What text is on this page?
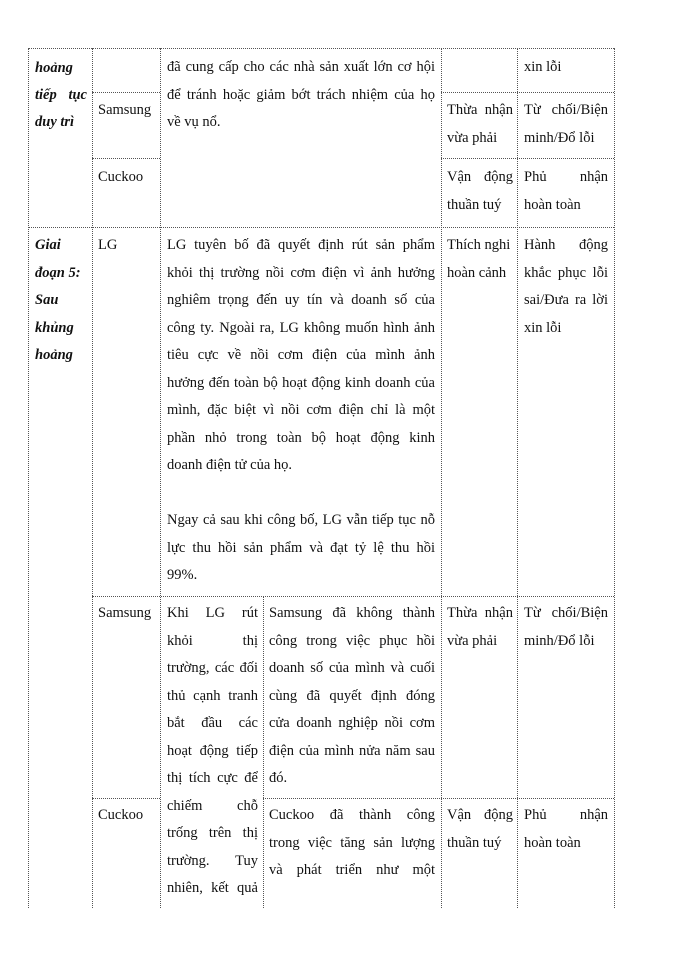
hoảng
tiếp tục
duy trì
Samsung
Cuckoo
đã cung cấp cho các nhà sản xuất lớn cơ hội
để tránh hoặc giảm bớt trách nhiệm của họ
về vụ nổ.
xin lỗi
Thừa nhận
vừa phải
Từ chối/Biện
minh/Đổ lỗi
Vận động
thuần tuý
Phủ nhận
hoàn toàn
Giai
đoạn 5:
Sau
khủng
hoảng
LG	LG tuyên bố đã quyết định rút sản phẩm
khỏi thị trường nồi cơm điện vì ảnh hưởng
nghiêm trọng đến uy tín và doanh số của
công ty. Ngoài ra, LG không muốn hình ảnh
tiêu cực về nồi cơm điện của mình ảnh
hưởng đến toàn bộ hoạt động kinh doanh của
mình, đặc biệt vì nồi cơm điện chỉ là một
phần nhỏ trong toàn bộ hoạt động kinh
doanh điện tử của họ.

Ngay cả sau khi công bố, LG vẫn tiếp tục nỗ
lực thu hồi sản phẩm và đạt tỷ lệ thu hồi
99%.
Thích nghi
hoàn cảnh
Hành động
khắc phục lỗi
sai/Đưa ra lời
xin lỗi
Samsung Khi LG rút
khỏi thị
trường, các đối
thủ cạnh tranh
bắt đầu các
hoạt động tiếp
thị tích cực để
chiếm chỗ
trống trên thị
trường. Tuy
nhiên, kết quả
Samsung đã không thành
công trong việc phục hồi
doanh số của mình và cuối
cùng đã quyết định đóng
cửa doanh nghiệp nồi cơm
điện của mình nửa năm sau
đó.
Thừa nhận
vừa phải
Từ chối/Biện
minh/Đổ lỗi
Cuckoo	Cuckoo đã thành công
trong việc tăng sản lượng
và phát triển như một
Vận động
thuần tuý
Phủ nhận
hoàn toàn
